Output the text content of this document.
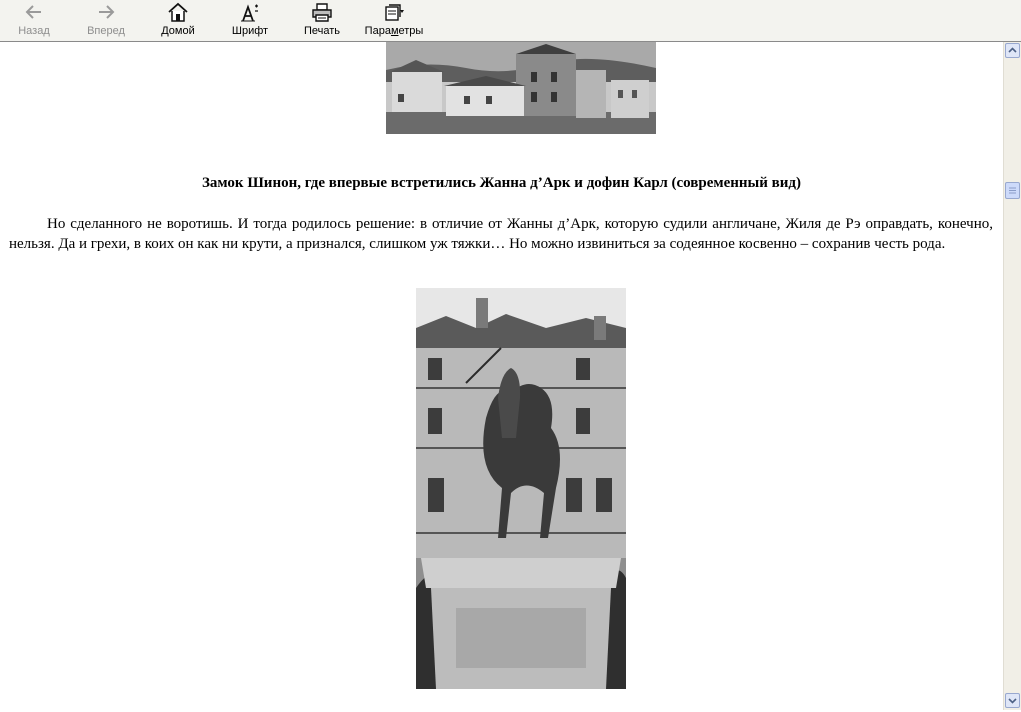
Назад	Вперед	Домой	Шрифт	Печать	Параметры
Замок Шинон, где впервые встретились Жанна д’Арк и дофин Карл (современный вид)

Но сделанного не воротишь. И тогда родилось решение: в отличие от Жанны д’Арк, которую судили англичане, Жиля де Рэ оправдать, конечно, нельзя. Да и грехи, в коих он как ни крути, а признался, слишком уж тяжки… Но можно извиниться за содеянное косвенно – сохранив честь рода.
